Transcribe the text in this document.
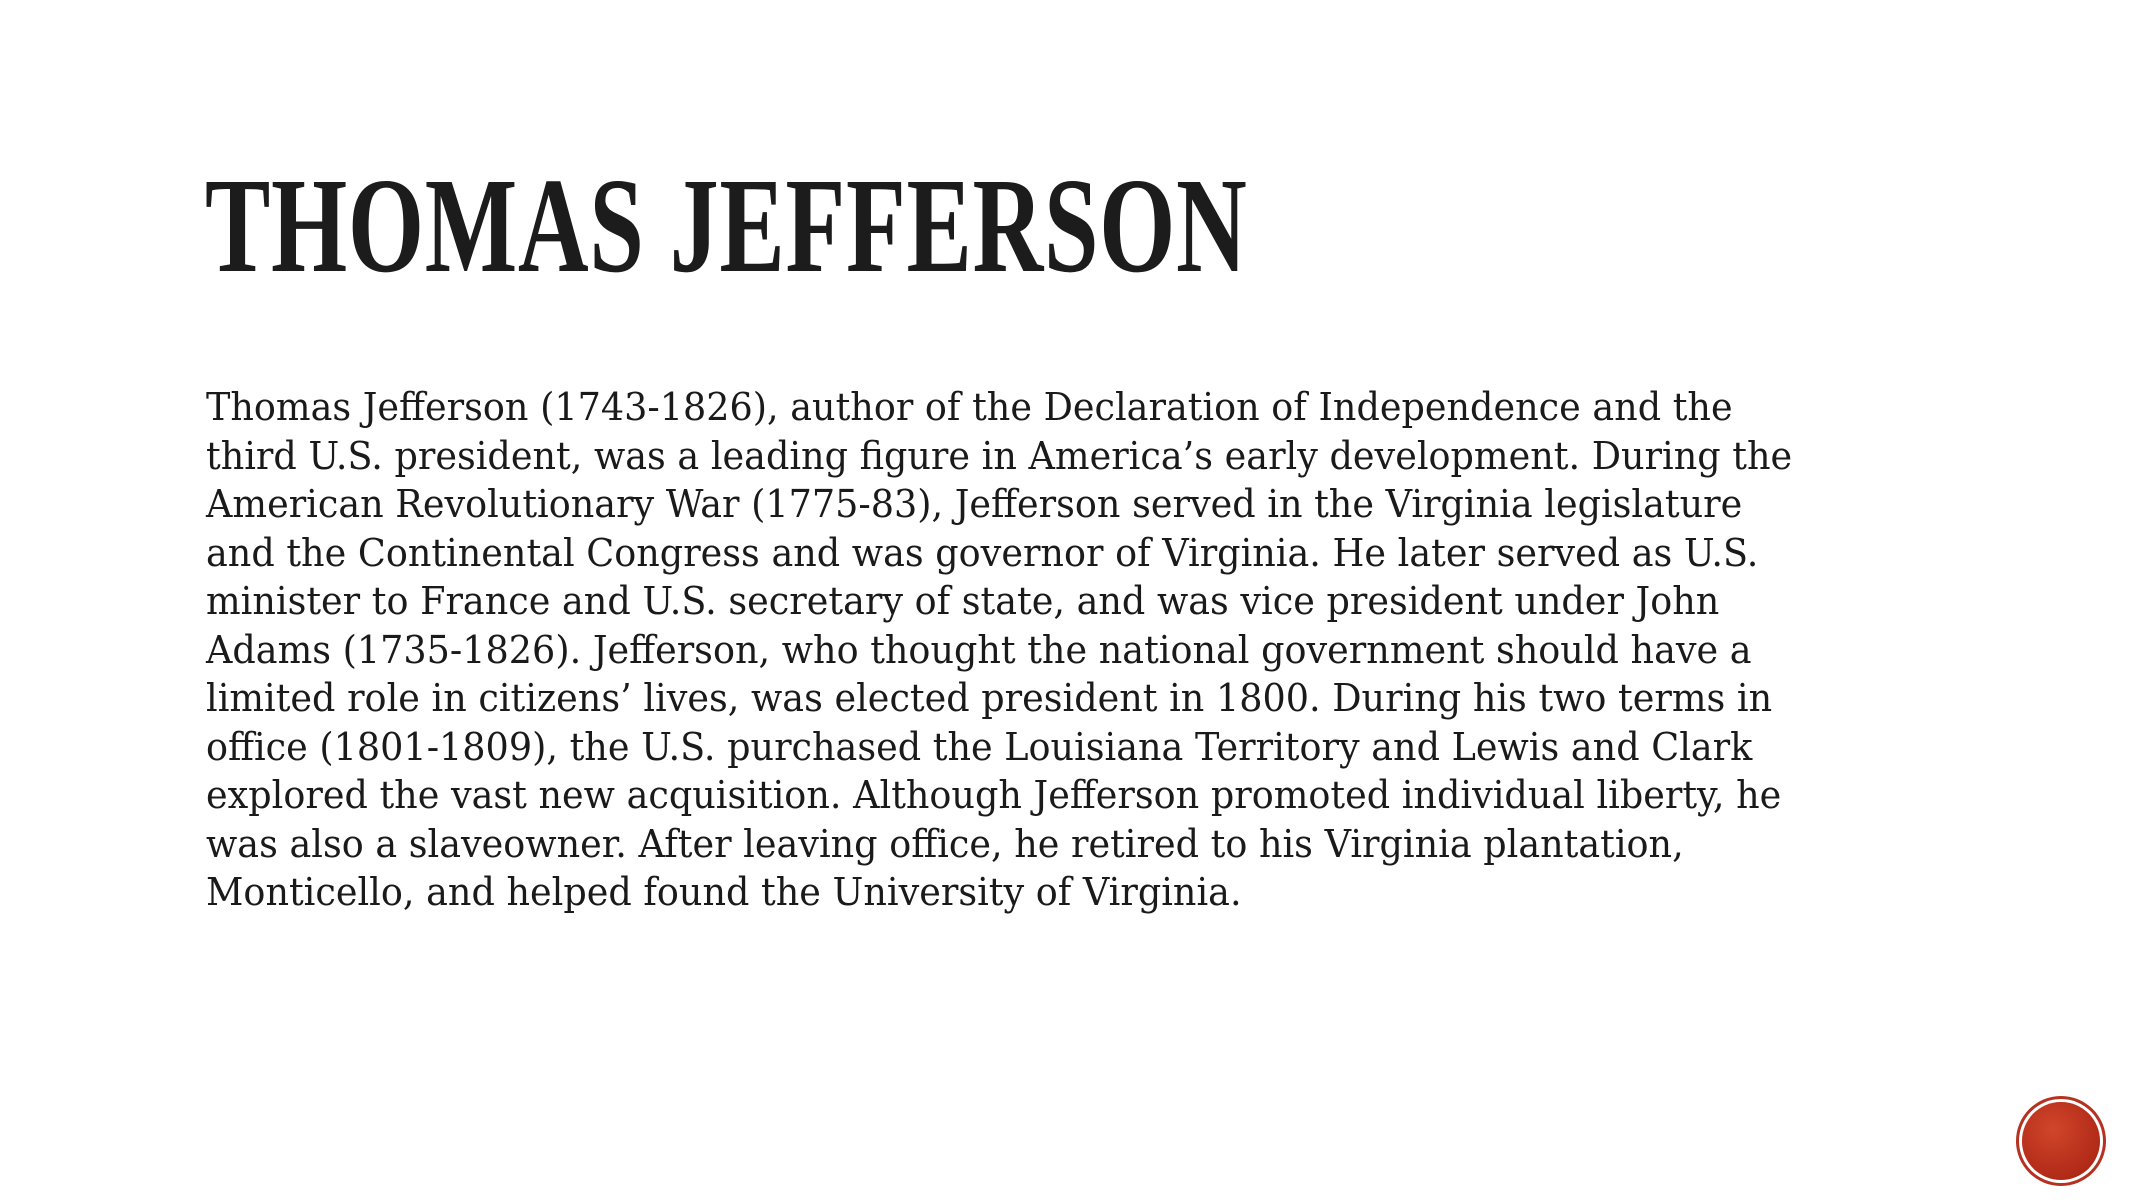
THOMAS JEFFERSON
Thomas Jefferson (1743-1826), author of the Declaration of Independence and the
third U.S. president, was a leading figure in America’s early development. During the
American Revolutionary War (1775-83), Jefferson served in the Virginia legislature
and the Continental Congress and was governor of Virginia. He later served as U.S.
minister to France and U.S. secretary of state, and was vice president under John
Adams (1735-1826). Jefferson, who thought the national government should have a
limited role in citizens’ lives, was elected president in 1800. During his two terms in
office (1801-1809), the U.S. purchased the Louisiana Territory and Lewis and Clark
explored the vast new acquisition. Although Jefferson promoted individual liberty, he
was also a slaveowner. After leaving office, he retired to his Virginia plantation,
Monticello, and helped found the University of Virginia.
